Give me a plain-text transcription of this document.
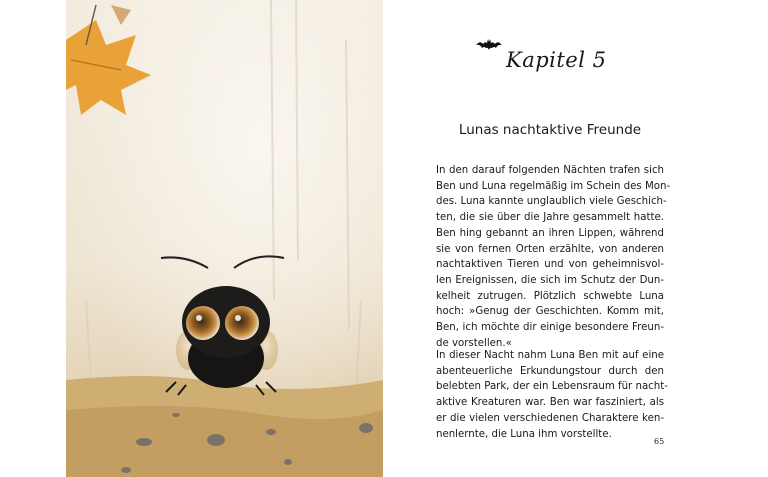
Kapitel 5
Lunas nachtaktive Freunde

In den darauf folgenden Nächten trafen sich
Ben und Luna regelmäßig im Schein des Mon-
des. Luna kannte unglaublich viele Geschich-
ten, die sie über die Jahre gesammelt hatte.
Ben hing gebannt an ihren Lippen, während
sie von fernen Orten erzählte, von anderen
nachtaktiven Tieren und von geheimnisvol-
len Ereignissen, die sich im Schutz der Dun-
kelheit zutrugen. Plötzlich schwebte Luna
hoch: »Genug der Geschichten. Komm mit,
Ben, ich möchte dir einige besondere Freun-
de vorstellen.«

In dieser Nacht nahm Luna Ben mit auf eine
abenteuerliche Erkundungstour durch den
belebten Park, der ein Lebensraum für nacht-
aktive Kreaturen war. Ben war fasziniert, als
er die vielen verschiedenen Charaktere ken-
nenlernte, die Luna ihm vorstellte.

65
